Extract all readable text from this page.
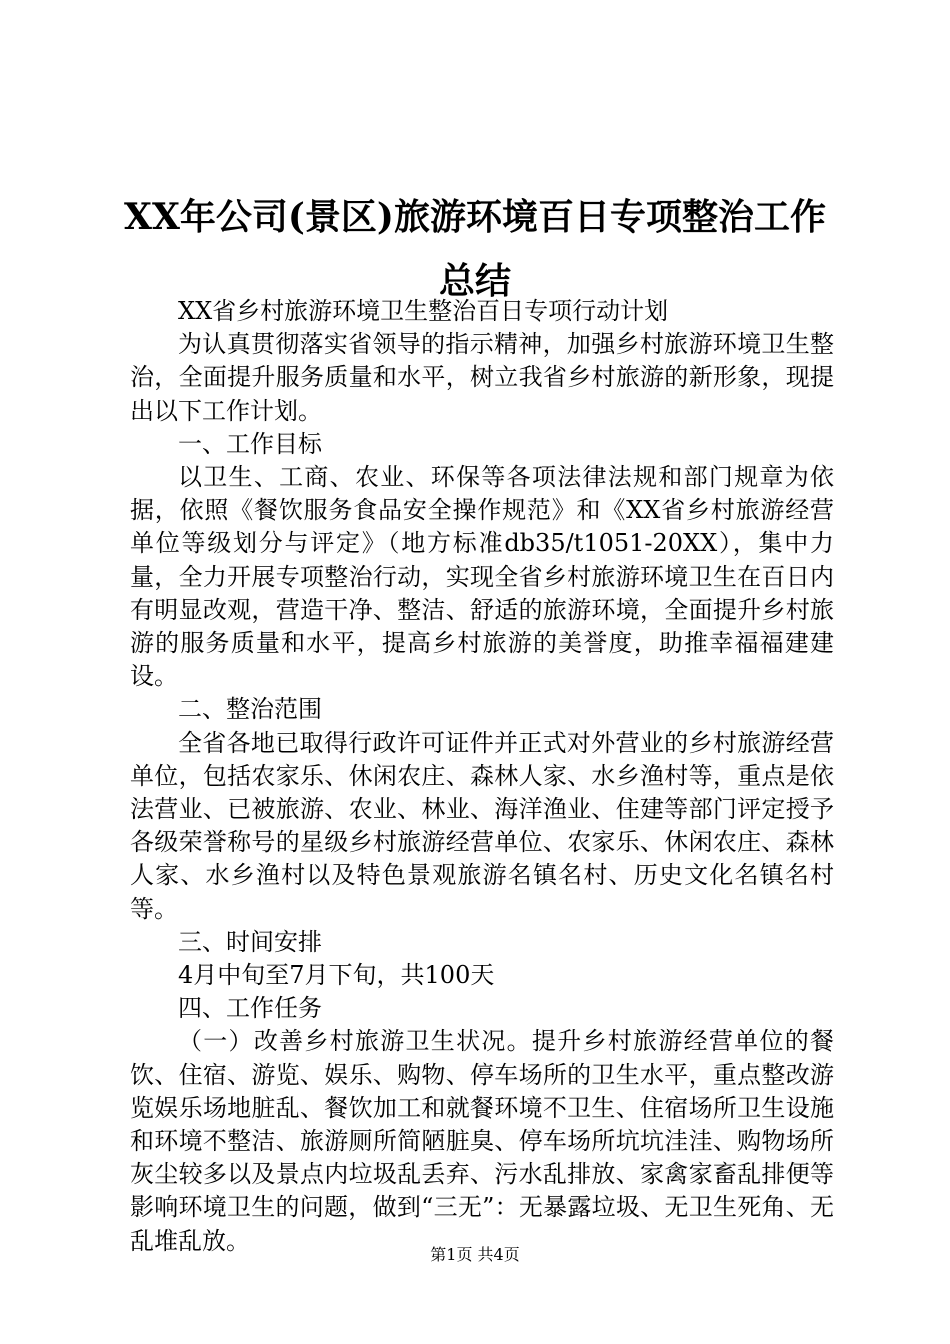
XX年公司(景区)旅游环境百日专项整治工作总结

XX省乡村旅游环境卫生整治百日专项行动计划

为认真贯彻落实省领导的指示精神，加强乡村旅游环境卫生整治，全面提升服务质量和水平，树立我省乡村旅游的新形象，现提出以下工作计划。

一、工作目标

以卫生、工商、农业、环保等各项法律法规和部门规章为依据，依照《餐饮服务食品安全操作规范》和《XX省乡村旅游经营单位等级划分与评定》（地方标准db35/t1051-20XX），集中力量，全力开展专项整治行动，实现全省乡村旅游环境卫生在百日内有明显改观，营造干净、整洁、舒适的旅游环境，全面提升乡村旅游的服务质量和水平，提高乡村旅游的美誉度，助推幸福福建建设。

二、整治范围

全省各地已取得行政许可证件并正式对外营业的乡村旅游经营单位，包括农家乐、休闲农庄、森林人家、水乡渔村等，重点是依法营业、已被旅游、农业、林业、海洋渔业、住建等部门评定授予各级荣誉称号的星级乡村旅游经营单位、农家乐、休闲农庄、森林人家、水乡渔村以及特色景观旅游名镇名村、历史文化名镇名村等。

三、时间安排

4月中旬至7月下旬，共100天

四、工作任务

（一）改善乡村旅游卫生状况。提升乡村旅游经营单位的餐饮、住宿、游览、娱乐、购物、停车场所的卫生水平，重点整改游览娱乐场地脏乱、餐饮加工和就餐环境不卫生、住宿场所卫生设施和环境不整洁、旅游厕所简陋脏臭、停车场所坑坑洼洼、购物场所灰尘较多以及景点内垃圾乱丢弃、污水乱排放、家禽家畜乱排便等影响环境卫生的问题，做到“三无”：无暴露垃圾、无卫生死角、无乱堆乱放。	第1页 共4页
